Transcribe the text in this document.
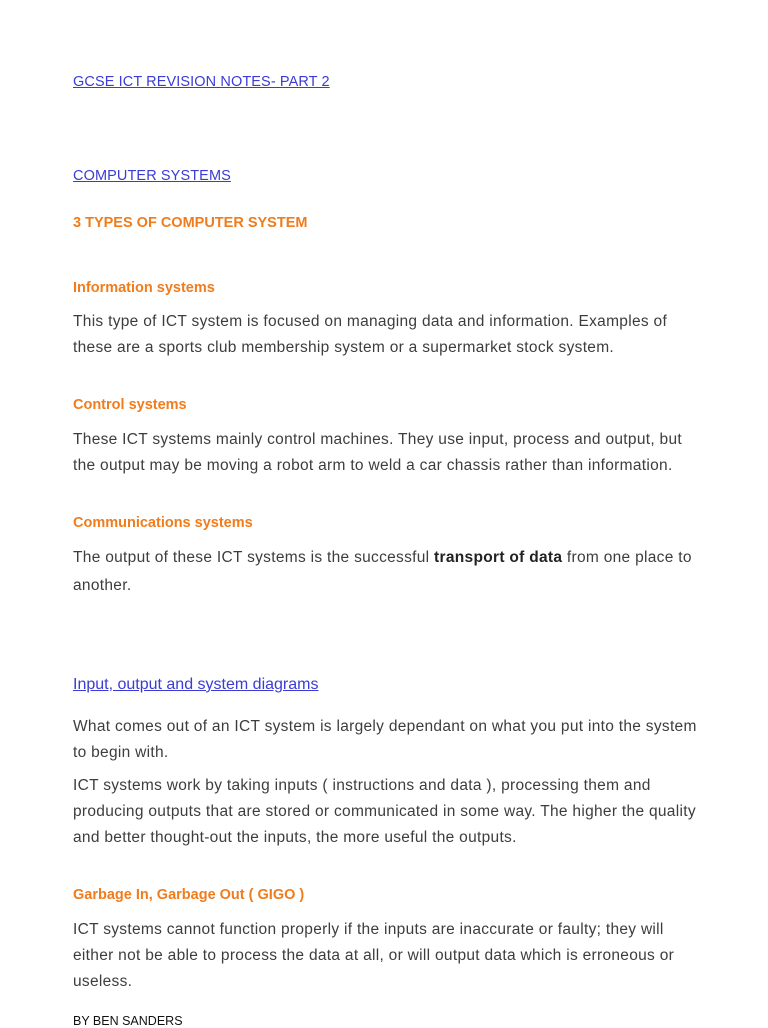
GCSE ICT REVISION NOTES- PART 2

COMPUTER SYSTEMS

3 TYPES OF COMPUTER SYSTEM

Information systems

This type of ICT system is focused on managing data and information. Examples of these are a sports club membership system or a supermarket stock system.

Control systems

These ICT systems mainly control machines. They use input, process and output, but the output may be moving a robot arm to weld a car chassis rather than information.

Communications systems

The output of these ICT systems is the successful transport of data from one place to another.

Input, output and system diagrams

What comes out of an ICT system is largely dependant on what you put into the system to begin with.

ICT systems work by taking inputs ( instructions and data ), processing them and producing outputs that are stored or communicated in some way. The higher the quality and better thought-out the inputs, the more useful the outputs.

Garbage In, Garbage Out ( GIGO )

ICT systems cannot function properly if the inputs are inaccurate or faulty; they will either not be able to process the data at all, or will output data which is erroneous or useless.

BY BEN SANDERS
